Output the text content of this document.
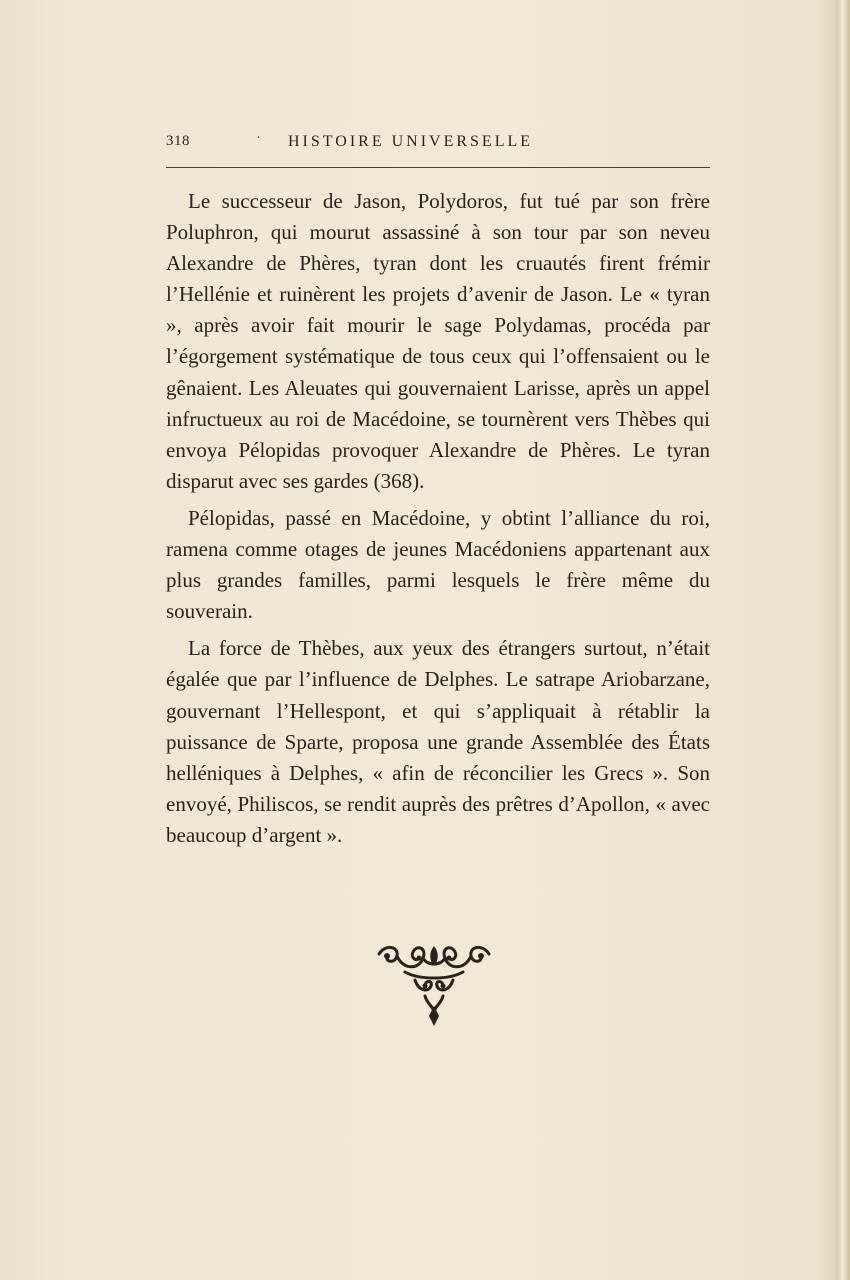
318	· HISTOIRE UNIVERSELLE

Le successeur de Jason, Polydoros, fut tué par son frère Poluphron, qui mourut assassiné à son tour par son neveu Alexandre de Phères, tyran dont les cruautés firent frémir l’Hellénie et ruinèrent les projets d’avenir de Jason. Le « tyran », après avoir fait mourir le sage Polydamas, procéda par l’égorgement systématique de tous ceux qui l’offensaient ou le gênaient. Les Aleuates qui gouvernaient Larisse, après un appel infructueux au roi de Macédoine, se tournèrent vers Thèbes qui envoya Pélopidas provoquer Alexandre de Phères. Le tyran disparut avec ses gardes (368).

Pélopidas, passé en Macédoine, y obtint l’alliance du roi, ramena comme otages de jeunes Macédoniens appartenant aux plus grandes familles, parmi lesquels le frère même du souverain.

La force de Thèbes, aux yeux des étrangers surtout, n’était égalée que par l’influence de Delphes. Le satrape Ariobarzane, gouvernant l’Hellespont, et qui s’appliquait à rétablir la puissance de Sparte, proposa une grande Assemblée des États helléniques à Delphes, « afin de réconcilier les Grecs ». Son envoyé, Philiscos, se rendit auprès des prêtres d’Apollon, « avec beaucoup d’argent ».
